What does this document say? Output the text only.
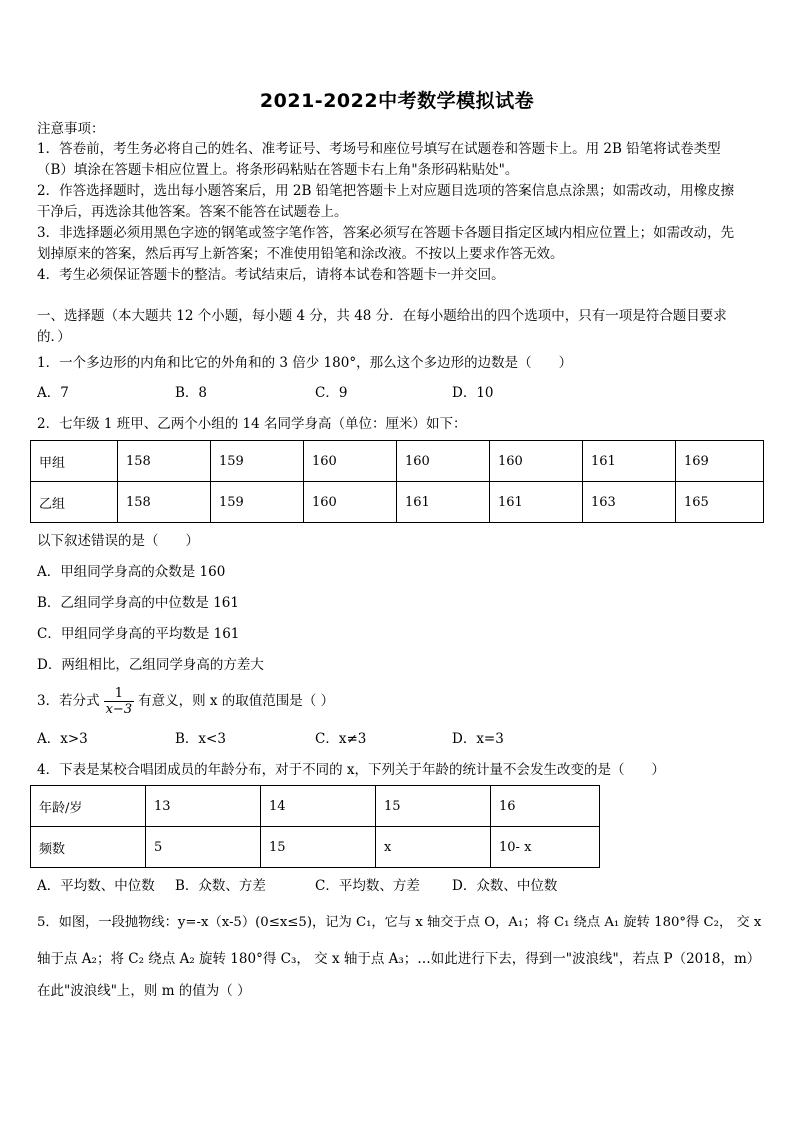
2021-2022中考数学模拟试卷
注意事项：
1．答卷前，考生务必将自己的姓名、准考证号、考场号和座位号填写在试题卷和答题卡上。用 2B 铅笔将试卷类型
（B）填涂在答题卡相应位置上。将条形码粘贴在答题卡右上角"条形码粘贴处"。
2．作答选择题时，选出每小题答案后，用 2B 铅笔把答题卡上对应题目选项的答案信息点涂黑；如需改动，用橡皮擦
干净后，再选涂其他答案。答案不能答在试题卷上。
3．非选择题必须用黑色字迹的钢笔或签字笔作答，答案必须写在答题卡各题目指定区域内相应位置上；如需改动，先
划掉原来的答案，然后再写上新答案；不准使用铅笔和涂改液。不按以上要求作答无效。
4．考生必须保证答题卡的整洁。考试结束后，请将本试卷和答题卡一并交回。
一、选择题（本大题共 12 个小题，每小题 4 分，共 48 分．在每小题给出的四个选项中，只有一项是符合题目要求
的．）
1．一个多边形的内角和比它的外角和的 3 倍少 180°，那么这个多边形的边数是（　　）
A．7	B．8	C．9	D．10
2．七年级 1 班甲、乙两个小组的 14 名同学身高（单位：厘米）如下：
甲组	158	159	160	160	160	161	169
乙组	158	159	160	161	161	163	165
以下叙述错误的是（　　）
A．甲组同学身高的众数是 160
B．乙组同学身高的中位数是 161
C．甲组同学身高的平均数是 161
D．两组相比，乙组同学身高的方差大
3．若分式 $\frac{1}{x-3}$ 有意义，则 x 的取值范围是（ ）
A．x>3	B．x<3	C．x≠3	D．x=3
4．下表是某校合唱团成员的年龄分布，对于不同的 x，下列关于年龄的统计量不会发生改变的是（　　）
年龄/岁	13	14	15	16
频数	5	15	x	10- x
A．平均数、中位数 B．众数、方差	C．平均数、方差 D．众数、中位数
5．如图，一段抛物线：y=-x（x-5）(0≤x≤5)，记为 C₁，它与 x 轴交于点 O，A₁；将 C₁ 绕点 A₁ 旋转 180°得 C₂， 交 x
轴于点 A₂；将 C₂ 绕点 A₂ 旋转 180°得 C₃， 交 x 轴于点 A₃；…如此进行下去，得到一"波浪线"，若点 P（2018，m）
在此"波浪线"上，则 m 的值为（ ）
